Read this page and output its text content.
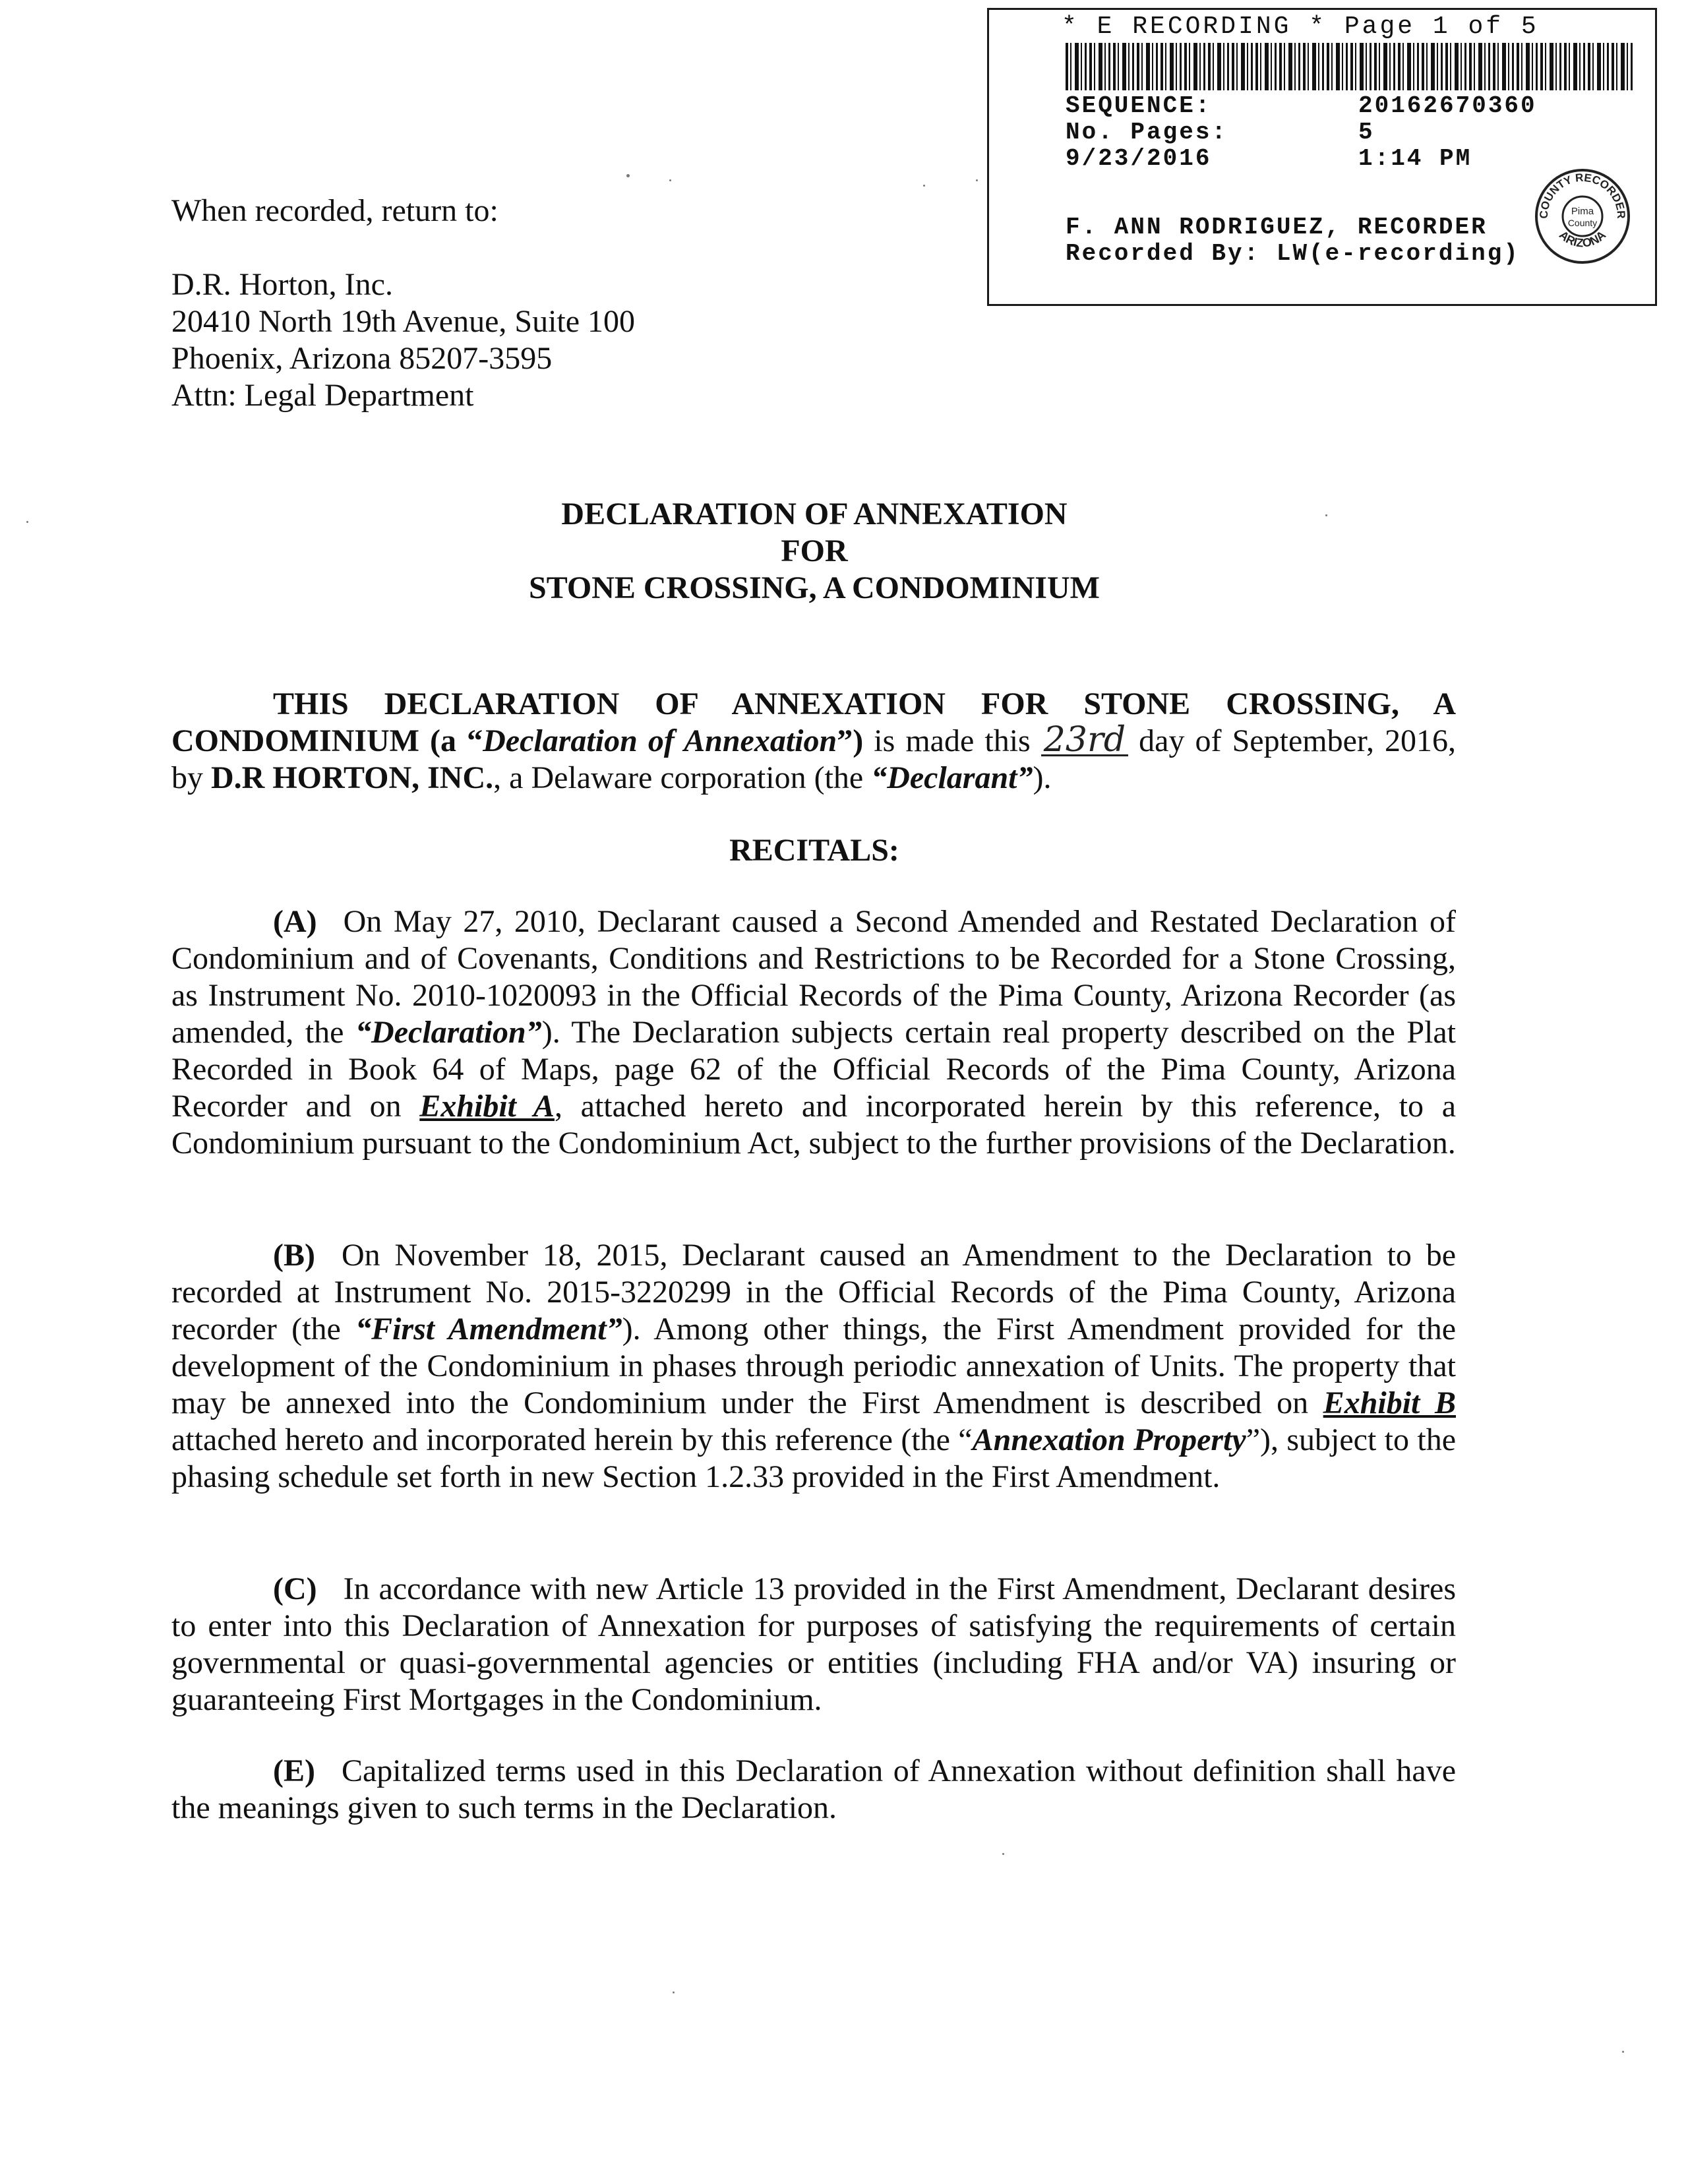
* E RECORDING * Page 1 of 5
SEQUENCE:	20162670360
No. Pages:	5
9/23/2016	1:14 PM
F. ANN RODRIGUEZ, RECORDER
Recorded By: LW(e-recording)
COUNTY RECORDER
ARIZONA
Pima
County
When recorded, return to:
D.R. Horton, Inc.
20410 North 19th Avenue, Suite 100
Phoenix, Arizona 85207-3595
Attn: Legal Department
DECLARATION OF ANNEXATION
FOR
STONE CROSSING, A CONDOMINIUM
THIS DECLARATION OF ANNEXATION FOR STONE CROSSING, A CONDOMINIUM (a “Declaration of Annexation”) is made this 23rd day of September, 2016, by D.R HORTON, INC., a Delaware corporation (the “Declarant”).
RECITALS:
(A) On May 27, 2010, Declarant caused a Second Amended and Restated Declaration of Condominium and of Covenants, Conditions and Restrictions to be Recorded for a Stone Crossing, as Instrument No. 2010-1020093 in the Official Records of the Pima County, Arizona Recorder (as amended, the “Declaration”). The Declaration subjects certain real property described on the Plat Recorded in Book 64 of Maps, page 62 of the Official Records of the Pima County, Arizona Recorder and on Exhibit A, attached hereto and incorporated herein by this reference, to a Condominium pursuant to the Condominium Act, subject to the further provisions of the Declaration.
(B) On November 18, 2015, Declarant caused an Amendment to the Declaration to be recorded at Instrument No. 2015-3220299 in the Official Records of the Pima County, Arizona recorder (the “First Amendment”). Among other things, the First Amendment provided for the development of the Condominium in phases through periodic annexation of Units. The property that may be annexed into the Condominium under the First Amendment is described on Exhibit B attached hereto and incorporated herein by this reference (the “Annexation Property”), subject to the phasing schedule set forth in new Section 1.2.33 provided in the First Amendment.
(C) In accordance with new Article 13 provided in the First Amendment, Declarant desires to enter into this Declaration of Annexation for purposes of satisfying the requirements of certain governmental or quasi-governmental agencies or entities (including FHA and/or VA) insuring or guaranteeing First Mortgages in the Condominium.
(E) Capitalized terms used in this Declaration of Annexation without definition shall have the meanings given to such terms in the Declaration.
